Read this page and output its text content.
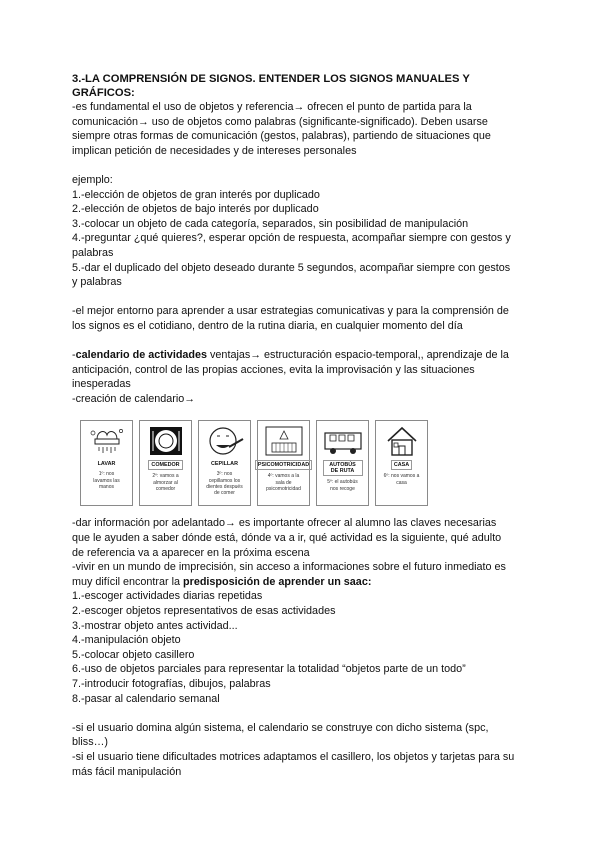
3.-LA COMPRENSIÓN DE SIGNOS. ENTENDER LOS SIGNOS MANUALES Y
GRÁFICOS:

-es fundamental el uso de objetos y referencia→ ofrecen el punto de partida para la

comunicación→ uso de objetos como palabras (significante-significado). Deben usarse

siempre otras formas de comunicación (gestos, palabras), partiendo de situaciones que

implican petición de necesidades y de intereses personales

ejemplo:

1.-elección de objetos de gran interés por duplicado

2.-elección de objetos de bajo interés por duplicado

3.-colocar un objeto de cada categoría, separados, sin posibilidad de manipulación

4.-preguntar ¿qué quieres?, esperar opción de respuesta, acompañar siempre con gestos y

palabras

5.-dar el duplicado del objeto deseado durante 5 segundos, acompañar siempre con gestos

y palabras

-el mejor entorno para aprender a usar estrategias comunicativas y para la comprensión de

los signos es el cotidiano, dentro de la rutina diaria, en cualquier momento del día

-calendario de actividades ventajas→ estructuración espacio-temporal,, aprendizaje de la

anticipación, control de las propias acciones, evita la improvisación y las situaciones

inesperadas

-creación de calendario→

LAVAR
1º: nos
lavamos las
manos
COMEDOR
2º: vamos a
almorzar al
comedor
CEPILLAR
3º: nos
cepillamos los
dientes después
de comer
PSICOMOTRICIDAD
4º: vamos a la
sala de
psicomotricidad
AUTOBÚS DE RUTA
5º: el autobús
nos recoge
CASA
6º: nos vamos a
casa

-dar información por adelantado→ es importante ofrecer al alumno las claves necesarias

que le ayuden a saber dónde está, dónde va a ir, qué actividad es la siguiente, qué adulto

de referencia va a aparecer en la próxima escena

-vivir en un mundo de imprecisión, sin acceso a informaciones sobre el futuro inmediato es

muy difícil encontrar la predisposición de aprender un saac:

1.-escoger actividades diarias repetidas

2.-escoger objetos representativos de esas actividades

3.-mostrar objeto antes actividad...

4.-manipulación objeto

5.-colocar objeto casillero

6.-uso de objetos parciales para representar la totalidad “objetos parte de un todo”

7.-introducir fotografías, dibujos, palabras

8.-pasar al calendario semanal

-si el usuario domina algún sistema, el calendario se construye con dicho sistema (spc,

bliss…)

-si el usuario tiene dificultades motrices adaptamos el casillero, los objetos y tarjetas para su

más fácil manipulación
